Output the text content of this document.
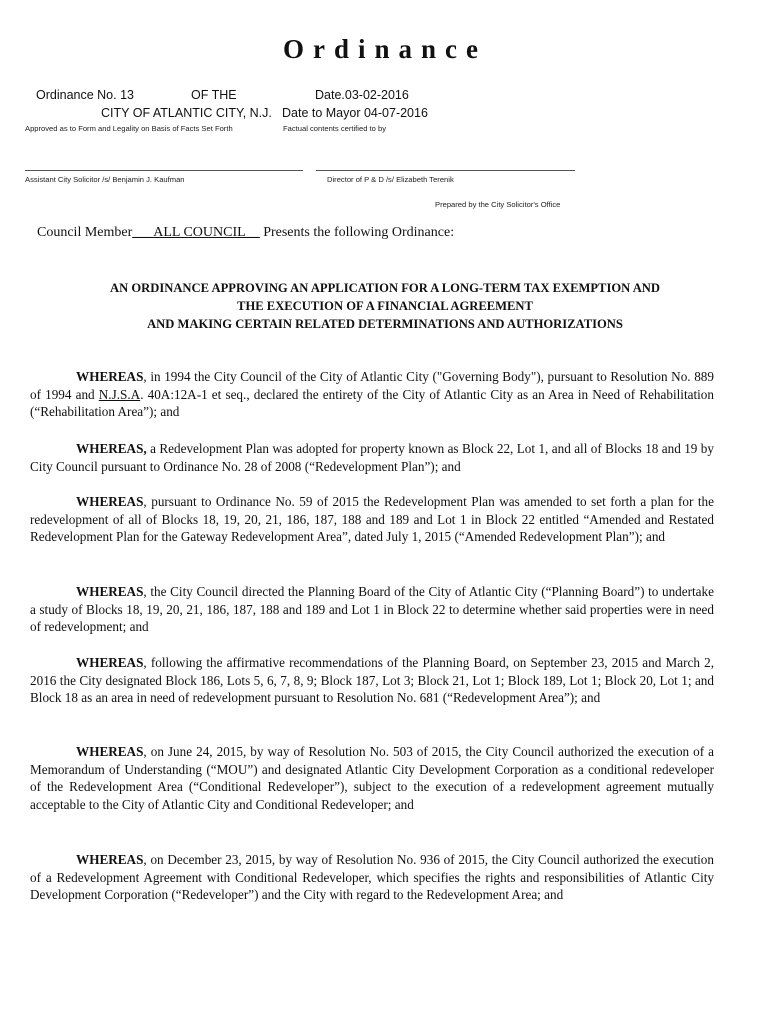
Ordinance
Ordinance No. 13	OF THE	Date.03-02-2016
CITY OF ATLANTIC CITY, N.J. Date to Mayor 04-07-2016
Approved as to Form and Legality on Basis of Facts Set Forth	Factual contents certified to by
Assistant City Solicitor /s/ Benjamin J. Kaufman	Director of P & D /s/ Elizabeth Terenik
Prepared by the City Solicitor's Office
Council Member___ALL COUNCIL__ Presents the following Ordinance:
AN ORDINANCE APPROVING AN APPLICATION FOR A LONG-TERM TAX EXEMPTION AND
THE EXECUTION OF A FINANCIAL AGREEMENT
AND MAKING CERTAIN RELATED DETERMINATIONS AND AUTHORIZATIONS
WHEREAS, in 1994 the City Council of the City of Atlantic City ("Governing Body"), pursuant to Resolution No. 889 of 1994 and N.J.S.A. 40A:12A-1 et seq., declared the entirety of the City of Atlantic City as an Area in Need of Rehabilitation (“Rehabilitation Area”); and
WHEREAS, a Redevelopment Plan was adopted for property known as Block 22, Lot 1, and all of Blocks 18 and 19 by City Council pursuant to Ordinance No. 28 of 2008 (“Redevelopment Plan”); and
WHEREAS, pursuant to Ordinance No. 59 of 2015 the Redevelopment Plan was amended to set forth a plan for the redevelopment of all of Blocks 18, 19, 20, 21, 186, 187, 188 and 189 and Lot 1 in Block 22 entitled “Amended and Restated Redevelopment Plan for the Gateway Redevelopment Area”, dated July 1, 2015 (“Amended Redevelopment Plan”); and
WHEREAS, the City Council directed the Planning Board of the City of Atlantic City (“Planning Board”) to undertake a study of Blocks 18, 19, 20, 21, 186, 187, 188 and 189 and Lot 1 in Block 22 to determine whether said properties were in need of redevelopment; and
WHEREAS, following the affirmative recommendations of the Planning Board, on September 23, 2015 and March 2, 2016 the City designated Block 186, Lots 5, 6, 7, 8, 9; Block 187, Lot 3; Block 21, Lot 1; Block 189, Lot 1; Block 20, Lot 1; and Block 18 as an area in need of redevelopment pursuant to Resolution No. 681 (“Redevelopment Area”); and
WHEREAS, on June 24, 2015, by way of Resolution No. 503 of 2015, the City Council authorized the execution of a Memorandum of Understanding (“MOU”) and designated Atlantic City Development Corporation as a conditional redeveloper of the Redevelopment Area (“Conditional Redeveloper”), subject to the execution of a redevelopment agreement mutually acceptable to the City of Atlantic City and Conditional Redeveloper; and
WHEREAS, on December 23, 2015, by way of Resolution No. 936 of 2015, the City Council authorized the execution of a Redevelopment Agreement with Conditional Redeveloper, which specifies the rights and responsibilities of Atlantic City Development Corporation (“Redeveloper”) and the City with regard to the Redevelopment Area; and
